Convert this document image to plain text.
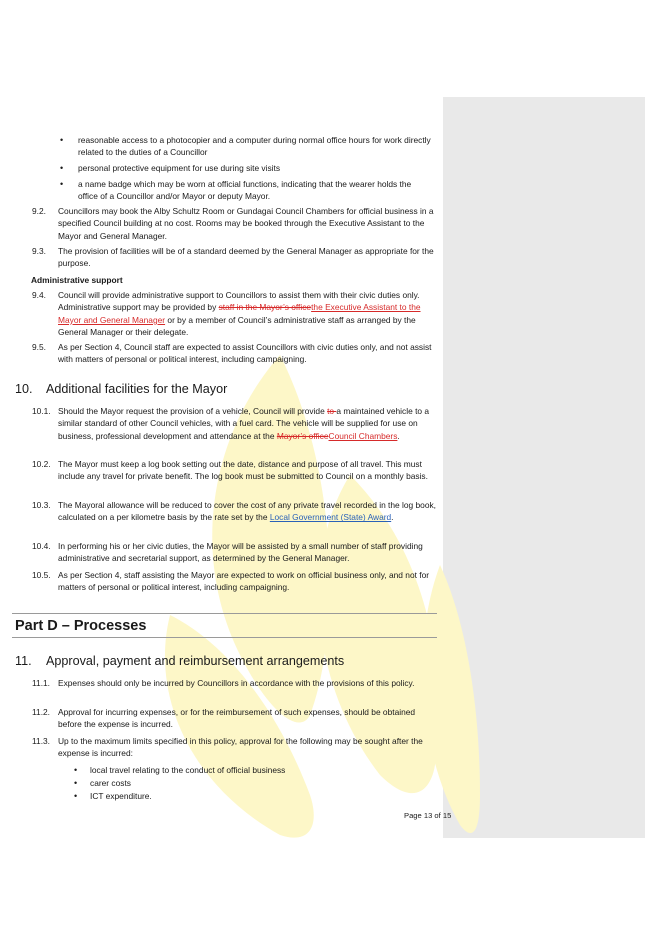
• reasonable access to a photocopier and a computer during normal office hours for work directly related to the duties of a Councillor
• personal protective equipment for use during site visits
• a name badge which may be worn at official functions, indicating that the wearer holds the office of a Councillor and/or Mayor or deputy Mayor.
9.2. Councillors may book the Alby Schultz Room or Gundagai Council Chambers for official business in a specified Council building at no cost. Rooms may be booked through the Executive Assistant to the Mayor and General Manager.
9.3. The provision of facilities will be of a standard deemed by the General Manager as appropriate for the purpose.
Administrative support
9.4. Council will provide administrative support to Councillors to assist them with their civic duties only. Administrative support may be provided by staff in the Mayor’s officethe Executive Assistant to the Mayor and General Manager or by a member of Council’s administrative staff as arranged by the General Manager or their delegate.
9.5. As per Section 4, Council staff are expected to assist Councillors with civic duties only, and not assist with matters of personal or political interest, including campaigning.
10. Additional facilities for the Mayor
10.1. Should the Mayor request the provision of a vehicle, Council will provide to a maintained vehicle to a similar standard of other Council vehicles, with a fuel card. The vehicle will be supplied for use on business, professional development and attendance at the Mayor’s officeCouncil Chambers.
10.2. The Mayor must keep a log book setting out the date, distance and purpose of all travel. This must include any travel for private benefit. The log book must be submitted to Council on a monthly basis.
10.3. The Mayoral allowance will be reduced to cover the cost of any private travel recorded in the log book, calculated on a per kilometre basis by the rate set by the Local Government (State) Award.
10.4. In performing his or her civic duties, the Mayor will be assisted by a small number of staff providing administrative and secretarial support, as determined by the General Manager.
10.5. As per Section 4, staff assisting the Mayor are expected to work on official business only, and not for matters of personal or political interest, including campaigning.
Part D – Processes
11. Approval, payment and reimbursement arrangements
11.1. Expenses should only be incurred by Councillors in accordance with the provisions of this policy.
11.2. Approval for incurring expenses, or for the reimbursement of such expenses, should be obtained before the expense is incurred.
11.3. Up to the maximum limits specified in this policy, approval for the following may be sought after the expense is incurred:
• local travel relating to the conduct of official business
• carer costs
• ICT expenditure.
Page 13 of 15
